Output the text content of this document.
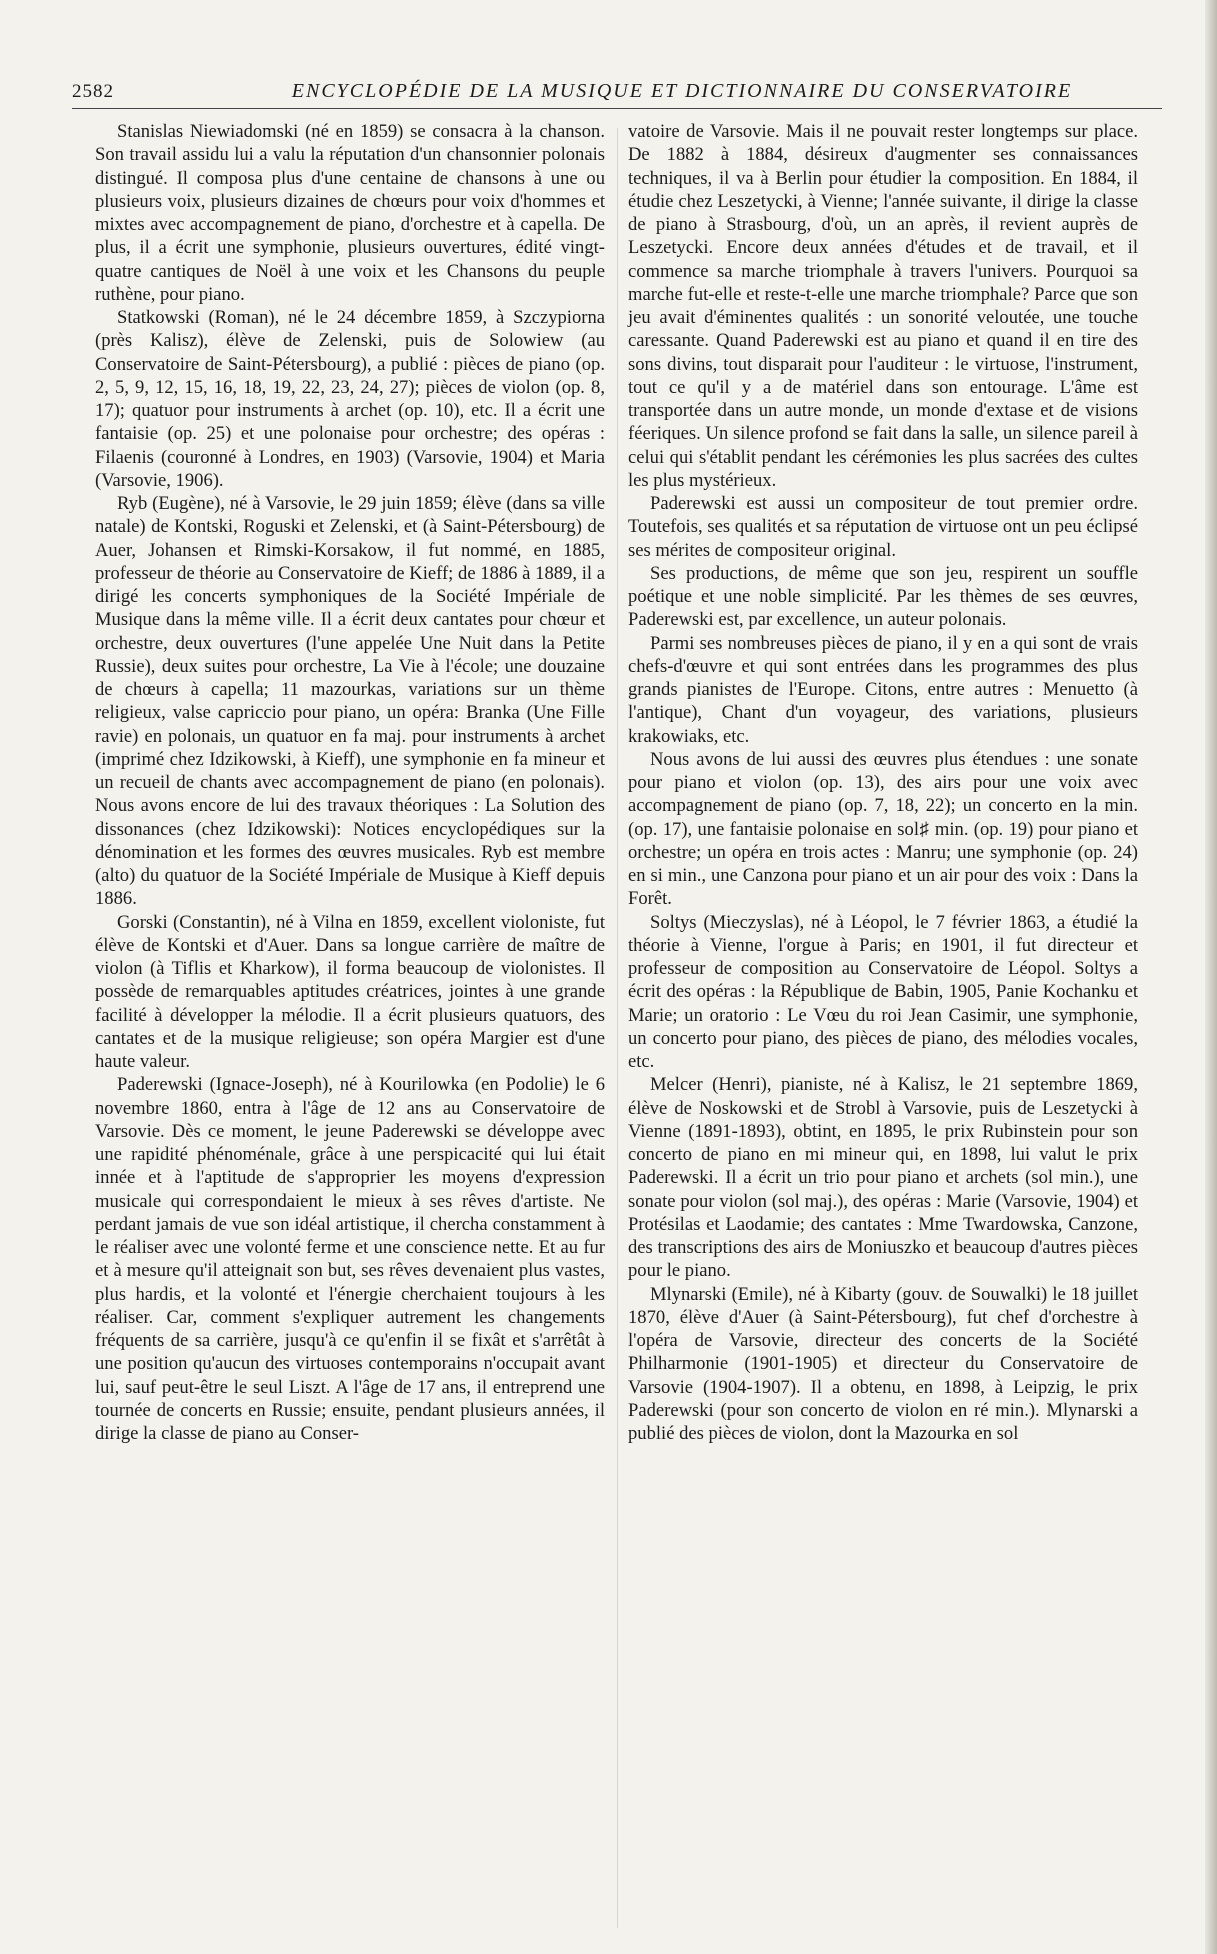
2582	ENCYCLOPÉDIE DE LA MUSIQUE ET DICTIONNAIRE DU CONSERVATOIRE

Stanislas Niewiadomski (né en 1859) se consacra à la chanson. Son travail assidu lui a valu la réputation d'un chansonnier polonais distingué. Il composa plus d'une centaine de chansons à une ou plusieurs voix, plusieurs dizaines de chœurs pour voix d'hommes et mixtes avec accompagnement de piano, d'orchestre et à capella. De plus, il a écrit une symphonie, plusieurs ouvertures, édité vingt-quatre cantiques de Noël à une voix et les Chansons du peuple ruthène, pour piano.

Statkowski (Roman), né le 24 décembre 1859, à Szczypiorna (près Kalisz), élève de Zelenski, puis de Solowiew (au Conservatoire de Saint-Pétersbourg), a publié : pièces de piano (op. 2, 5, 9, 12, 15, 16, 18, 19, 22, 23, 24, 27); pièces de violon (op. 8, 17); quatuor pour instruments à archet (op. 10), etc. Il a écrit une fantaisie (op. 25) et une polonaise pour orchestre; des opéras : Filaenis (couronné à Londres, en 1903) (Varsovie, 1904) et Maria (Varsovie, 1906).

Ryb (Eugène), né à Varsovie, le 29 juin 1859; élève (dans sa ville natale) de Kontski, Roguski et Zelenski, et (à Saint-Pétersbourg) de Auer, Johansen et Rimski-Korsakow, il fut nommé, en 1885, professeur de théorie au Conservatoire de Kieff; de 1886 à 1889, il a dirigé les concerts symphoniques de la Société Impériale de Musique dans la même ville. Il a écrit deux cantates pour chœur et orchestre, deux ouvertures (l'une appelée Une Nuit dans la Petite Russie), deux suites pour orchestre, La Vie à l'école; une douzaine de chœurs à capella; 11 mazourkas, variations sur un thème religieux, valse capriccio pour piano, un opéra: Branka (Une Fille ravie) en polonais, un quatuor en fa maj. pour instruments à archet (imprimé chez Idzikowski, à Kieff), une symphonie en fa mineur et un recueil de chants avec accompagnement de piano (en polonais). Nous avons encore de lui des travaux théoriques : La Solution des dissonances (chez Idzikowski): Notices encyclopédiques sur la dénomination et les formes des œuvres musicales. Ryb est membre (alto) du quatuor de la Société Impériale de Musique à Kieff depuis 1886.

Gorski (Constantin), né à Vilna en 1859, excellent violoniste, fut élève de Kontski et d'Auer. Dans sa longue carrière de maître de violon (à Tiflis et Kharkow), il forma beaucoup de violonistes. Il possède de remarquables aptitudes créatrices, jointes à une grande facilité à développer la mélodie. Il a écrit plusieurs quatuors, des cantates et de la musique religieuse; son opéra Margier est d'une haute valeur.

Paderewski (Ignace-Joseph), né à Kourilowka (en Podolie) le 6 novembre 1860, entra à l'âge de 12 ans au Conservatoire de Varsovie. Dès ce moment, le jeune Paderewski se développe avec une rapidité phénoménale, grâce à une perspicacité qui lui était innée et à l'aptitude de s'approprier les moyens d'expression musicale qui correspondaient le mieux à ses rêves d'artiste. Ne perdant jamais de vue son idéal artistique, il chercha constamment à le réaliser avec une volonté ferme et une conscience nette. Et au fur et à mesure qu'il atteignait son but, ses rêves devenaient plus vastes, plus hardis, et la volonté et l'énergie cherchaient toujours à les réaliser. Car, comment s'expliquer autrement les changements fréquents de sa carrière, jusqu'à ce qu'enfin il se fixât et s'arrêtât à une position qu'aucun des virtuoses contemporains n'occupait avant lui, sauf peut-être le seul Liszt. A l'âge de 17 ans, il entreprend une tournée de concerts en Russie; ensuite, pendant plusieurs années, il dirige la classe de piano au Conser-

vatoire de Varsovie. Mais il ne pouvait rester longtemps sur place. De 1882 à 1884, désireux d'augmenter ses connaissances techniques, il va à Berlin pour étudier la composition. En 1884, il étudie chez Leszetycki, à Vienne; l'année suivante, il dirige la classe de piano à Strasbourg, d'où, un an après, il revient auprès de Leszetycki. Encore deux années d'études et de travail, et il commence sa marche triomphale à travers l'univers. Pourquoi sa marche fut-elle et reste-t-elle une marche triomphale? Parce que son jeu avait d'éminentes qualités : un sonorité veloutée, une touche caressante. Quand Paderewski est au piano et quand il en tire des sons divins, tout disparait pour l'auditeur : le virtuose, l'instrument, tout ce qu'il y a de matériel dans son entourage. L'âme est transportée dans un autre monde, un monde d'extase et de visions féeriques. Un silence profond se fait dans la salle, un silence pareil à celui qui s'établit pendant les cérémonies les plus sacrées des cultes les plus mystérieux.

Paderewski est aussi un compositeur de tout premier ordre. Toutefois, ses qualités et sa réputation de virtuose ont un peu éclipsé ses mérites de compositeur original.

Ses productions, de même que son jeu, respirent un souffle poétique et une noble simplicité. Par les thèmes de ses œuvres, Paderewski est, par excellence, un auteur polonais.

Parmi ses nombreuses pièces de piano, il y en a qui sont de vrais chefs-d'œuvre et qui sont entrées dans les programmes des plus grands pianistes de l'Europe. Citons, entre autres : Menuetto (à l'antique), Chant d'un voyageur, des variations, plusieurs krakowiaks, etc.

Nous avons de lui aussi des œuvres plus étendues : une sonate pour piano et violon (op. 13), des airs pour une voix avec accompagnement de piano (op. 7, 18, 22); un concerto en la min. (op. 17), une fantaisie polonaise en sol♯ min. (op. 19) pour piano et orchestre; un opéra en trois actes : Manru; une symphonie (op. 24) en si min., une Canzona pour piano et un air pour des voix : Dans la Forêt.

Soltys (Mieczyslas), né à Léopol, le 7 février 1863, a étudié la théorie à Vienne, l'orgue à Paris; en 1901, il fut directeur et professeur de composition au Conservatoire de Léopol. Soltys a écrit des opéras : la République de Babin, 1905, Panie Kochanku et Marie; un oratorio : Le Vœu du roi Jean Casimir, une symphonie, un concerto pour piano, des pièces de piano, des mélodies vocales, etc.

Melcer (Henri), pianiste, né à Kalisz, le 21 septembre 1869, élève de Noskowski et de Strobl à Varsovie, puis de Leszetycki à Vienne (1891-1893), obtint, en 1895, le prix Rubinstein pour son concerto de piano en mi mineur qui, en 1898, lui valut le prix Paderewski. Il a écrit un trio pour piano et archets (sol min.), une sonate pour violon (sol maj.), des opéras : Marie (Varsovie, 1904) et Protésilas et Laodamie; des cantates : Mme Twardowska, Canzone, des transcriptions des airs de Moniuszko et beaucoup d'autres pièces pour le piano.

Mlynarski (Emile), né à Kibarty (gouv. de Souwalki) le 18 juillet 1870, élève d'Auer (à Saint-Pétersbourg), fut chef d'orchestre à l'opéra de Varsovie, directeur des concerts de la Société Philharmonie (1901-1905) et directeur du Conservatoire de Varsovie (1904-1907). Il a obtenu, en 1898, à Leipzig, le prix Paderewski (pour son concerto de violon en ré min.). Mlynarski a publié des pièces de violon, dont la Mazourka en sol
